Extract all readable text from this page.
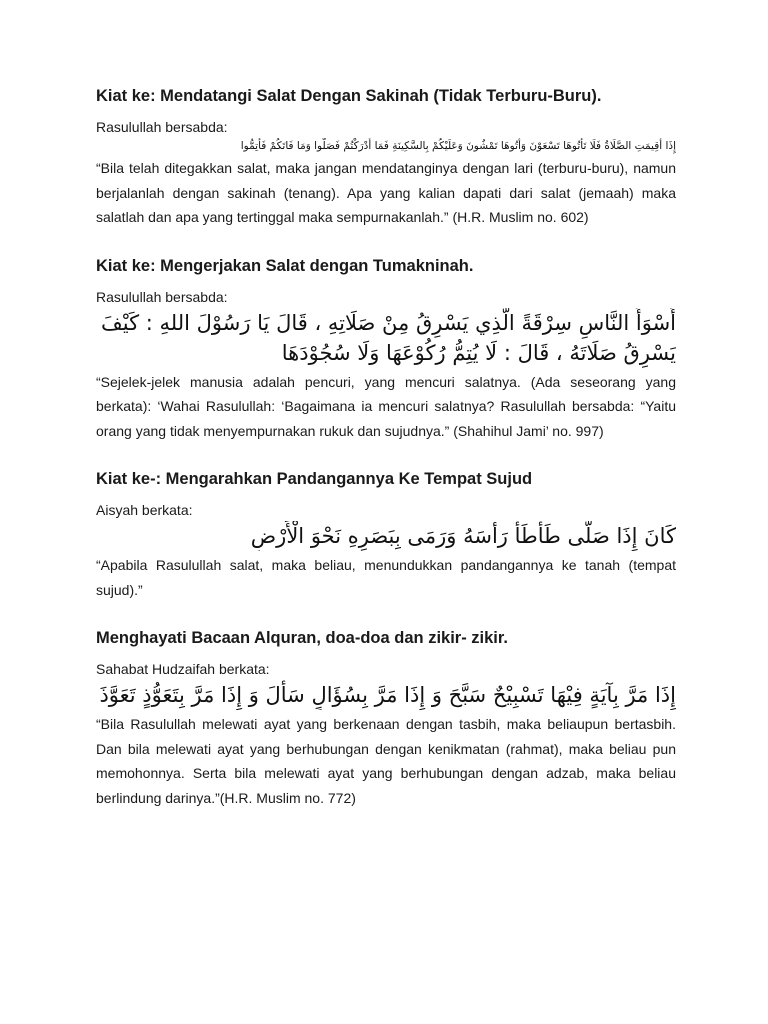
Kiat ke: Mendatangi Salat Dengan Sakinah (Tidak Terburu-Buru).

Rasulullah bersabda:

إِذَا أُقِيمَتِ الصَّلَاةُ فَلَا تَأْتُوهَا تَسْعَوْنَ وَأْتُوهَا تَمْشُونَ وَعَلَيْكُمْ بِالسَّكِينَةِ فَمَا أَدْرَكْتُمْ فَصَلُّوا وَمَا فَاتَكُمْ فَأَتِمُّوا

“Bila telah ditegakkan salat, maka jangan mendatanginya dengan lari (terburu-buru), namun berjalanlah dengan sakinah (tenang). Apa yang kalian dapati dari salat (jemaah) maka salatlah dan apa yang tertinggal maka sempurnakanlah.” (H.R. Muslim no. 602)

Kiat ke: Mengerjakan Salat dengan Tumakninah.

Rasulullah bersabda:

أَسْوَأُ النَّاسِ سِرْقَةً الَّذِي يَسْرِقُ مِنْ صَلَاتِهِ ، قَالَ يَا رَسُوْلَ اللهِ : كَيْفَ يَسْرِقُ صَلَاتَهُ ، قَالَ : لَا يُتِمُّ رُكُوْعَهَا وَلَا سُجُوْدَهَا

“Sejelek-jelek manusia adalah pencuri, yang mencuri salatnya. (Ada seseorang yang berkata): ‘Wahai Rasulullah: ‘Bagaimana ia mencuri salatnya? Rasulullah bersabda: “Yaitu orang yang tidak menyempurnakan rukuk dan sujudnya.” (Shahihul Jami’ no. 997)

Kiat ke-: Mengarahkan Pandangannya Ke Tempat Sujud

Aisyah berkata:

كَانَ إِذَا صَلَّى طَأْطَأَ رَأْسَهُ وَرَمَى بِبَصَرِهِ نَحْوَ الْأَرْضِ

“Apabila Rasulullah salat, maka beliau, menundukkan pandangannya ke tanah (tempat sujud).”

Menghayati Bacaan Alquran, doa-doa dan zikir- zikir.

Sahabat Hudzaifah berkata:

إِذَا مَرَّ بِآيَةٍ فِيْهَا تَسْبِيْحٌ سَبَّحَ وَ إِذَا مَرَّ بِسُؤَالٍ سَأَلَ وَ إِذَا مَرَّ بِتَعَوُّذٍ تَعَوَّذَ

“Bila Rasulullah melewati ayat yang berkenaan dengan tasbih, maka beliaupun bertasbih. Dan bila melewati ayat yang berhubungan dengan kenikmatan (rahmat), maka beliau pun memohonnya. Serta bila melewati ayat yang berhubungan dengan adzab, maka beliau berlindung darinya.”(H.R. Muslim no. 772)
